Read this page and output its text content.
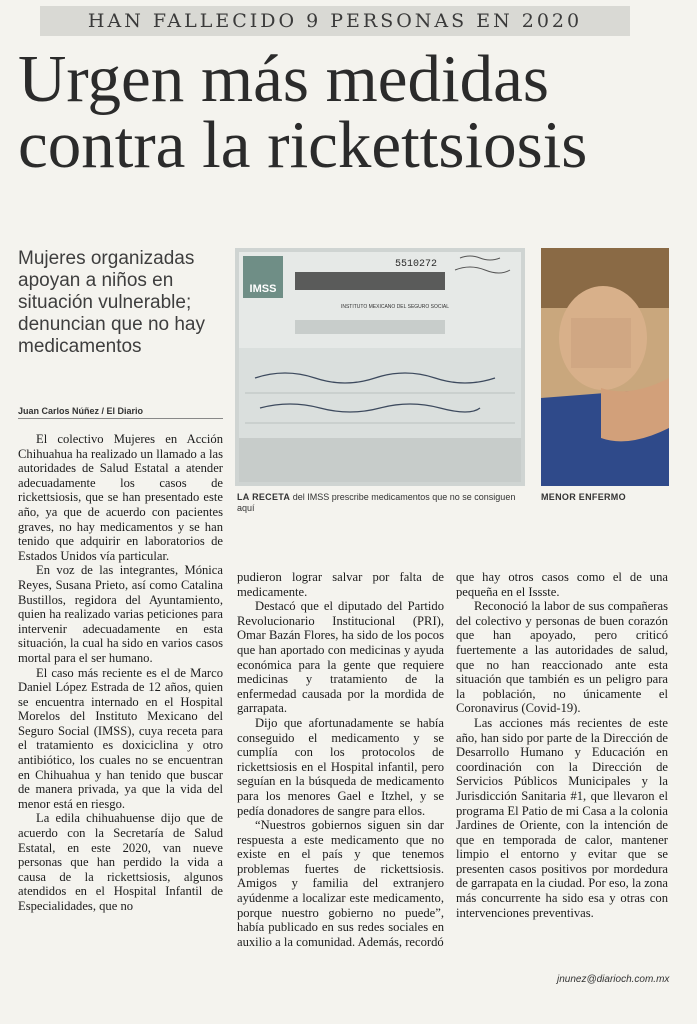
HAN FALLECIDO 9 PERSONAS EN 2020
Urgen más medidas
contra la rickettsiosis
Mujeres organizadas apoyan a niños en situación vulnerable; denuncian que no hay medicamentos
Juan Carlos Núñez / El Diario
IMSS
5510272
INSTITUTO MEXICANO DEL SEGURO SOCIAL
LA RECETA del IMSS prescribe medicamentos que no se consiguen aquí
MENOR ENFERMO

El colectivo Mujeres en Acción Chihuahua ha realizado un llamado a las autoridades de Salud Estatal a atender adecuadamente los casos de rickettsiosis, que se han presentado este año, ya que de acuerdo con pacientes graves, no hay medicamentos y se han tenido que adquirir en laboratorios de Estados Unidos vía particular.

En voz de las integrantes, Mónica Reyes, Susana Prieto, así como Catalina Bustillos, regidora del Ayuntamiento, quien ha realizado varias peticiones para intervenir adecuadamente en esta situación, la cual ha sido en varios casos mortal para el ser humano.

El caso más reciente es el de Marco Daniel López Estrada de 12 años, quien se encuentra internado en el Hospital Morelos del Instituto Mexicano del Seguro Social (IMSS), cuya receta para el tratamiento es doxiciclina y otro antibiótico, los cuales no se encuentran en Chihuahua y han tenido que buscar de manera privada, ya que la vida del menor está en riesgo.

La edila chihuahuense dijo que de acuerdo con la Secretaría de Salud Estatal, en este 2020, van nueve personas que han perdido la vida a causa de la rickettsiosis, algunos atendidos en el Hospital Infantil de Especialidades, que no

pudieron lograr salvar por falta de medicamente.

Destacó que el diputado del Partido Revolucionario Institucional (PRI), Omar Bazán Flores, ha sido de los pocos que han aportado con medicinas y ayuda económica para la gente que requiere medicinas y tratamiento de la enfermedad causada por la mordida de garrapata.

Dijo que afortunadamente se había conseguido el medicamento y se cumplía con los protocolos de rickettsiosis en el Hospital infantil, pero seguían en la búsqueda de medicamento para los menores Gael e Itzhel, y se pedía donadores de sangre para ellos.

“Nuestros gobiernos siguen sin dar respuesta a este medicamento que no existe en el país y que tenemos problemas fuertes de rickettsiosis. Amigos y familia del extranjero ayúdenme a localizar este medicamento, porque nuestro gobierno no puede”, había publicado en sus redes sociales en auxilio a la comunidad. Además, recordó

que hay otros casos como el de una pequeña en el Issste.

Reconoció la labor de sus compañeras del colectivo y personas de buen corazón que han apoyado, pero criticó fuertemente a las autoridades de salud, que no han reaccionado ante esta situación que también es un peligro para la población, no únicamente el Coronavirus (Covid-19).

Las acciones más recientes de este año, han sido por parte de la Dirección de Desarrollo Humano y Educación en coordinación con la Dirección de Servicios Públicos Municipales y la Jurisdicción Sanitaria #1, que llevaron el programa El Patio de mi Casa a la colonia Jardines de Oriente, con la intención de que en temporada de calor, mantener limpio el entorno y evitar que se presenten casos positivos por mordedura de garrapata en la ciudad. Por eso, la zona más concurrente ha sido esa y otras con intervenciones preventivas.

jnunez@diarioch.com.mx
